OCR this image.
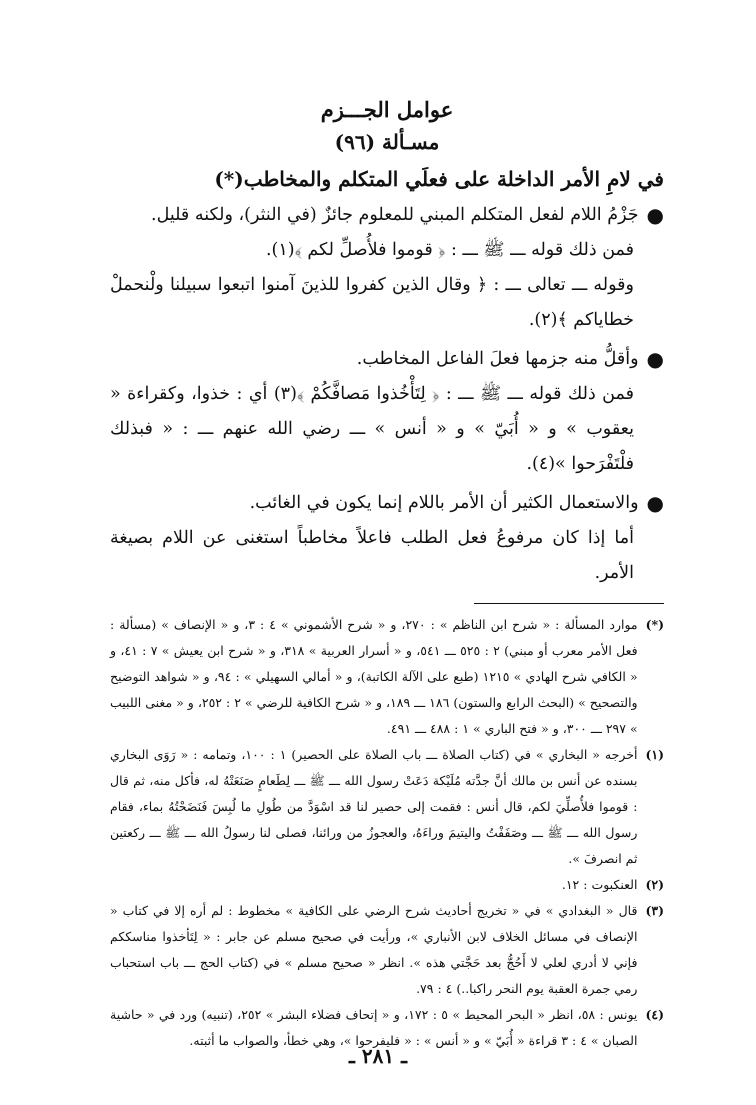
عوامل الجـــزم
مسـألة (٩٦)
في لامِ الأمر الداخلة على فعلَي المتكلم والمخاطب(*)
●
جَزْمُ اللام لفعل المتكلم المبني للمعلوم جائزٌ (في النثر)، ولكنه قليل.

فمن ذلك قوله ـــ ﷺ ـــ : ﴿ قوموا فلأُصلِّ لكم ﴾(١).

وقوله ـــ تعالى ـــ : ﴿ وقال الذين كفروا للذينَ آمنوا اتبعوا سبيلنا ولْنحملْ خطاياكم ﴾(٢).

●
وأقلُّ منه جزمها فعلَ الفاعل المخاطب.

فمن ذلك قوله ـــ ﷺ ـــ : ﴿ لِتَأْخُذوا مَصافَّكُمْ ﴾(٣) أي : خذوا، وكقراءة « يعقوب » و « أُبَيّ » و « أنس » ـــ رضي الله عنهم ـــ : « فبذلك فلْتَفْرَحوا »(٤).

●
والاستعمال الكثير أن الأمر باللام إنما يكون في الغائب.

أما إذا كان مرفوعُ فعل الطلب فاعلاً مخاطباً استغنى عن اللام بصيغة الأمر.

(*)
موارد المسألة : « شرح ابن الناظم » : ٢٧٠، و « شرح الأشموني » ٤ : ٣، و « الإنصاف » (مسألة : فعل الأمر معرب أو مبني) ٢ : ٥٢٥ ـــ ٥٤١، و « أسرار العربية » ٣١٨، و « شرح ابن يعيش » ٧ : ٤١، و « الكافي شرح الهادي » ١٢١٥ (طبع على الآلة الكاتبة)، و « أمالي السهيلي » : ٩٤، و « شواهد التوضيح والتصحيح » (البحث الرابع والستون) ١٨٦ ـــ ١٨٩، و « شرح الكافية للرضي » ٢ : ٢٥٢، و « مغنى اللبيب » ٢٩٧ ـــ ٣٠٠، و « فتح الباري » ١ : ٤٨٨ ـــ ٤٩١.
(١)
أخرجه « البخاري » في (كتاب الصلاة ـــ باب الصلاة على الحصير) ١ : ١٠٠، وتمامه : « رَوَى البخاري بسنده عن أنس بن مالك أنَّ جدَّته مُلَيْكة دَعَتْ رسول الله ـــ ﷺ ـــ لِطَعامٍ صَنَعَتْهُ له، فأكل منه، ثم قال : قوموا فلأُصلِّيَ لكم، قال أنس : فقمت إلى حصير لنا قد اسْوَدَّ من طُولِ ما لُبِسَ فَنَضَحْتُهُ بماء، فقام رسول الله ـــ ﷺ ـــ وصَفَفْتُ واليتيمَ وراءَهُ، والعجوزُ من ورائنا، فصلى لنا رسولُ الله ـــ ﷺ ـــ ركعتين ثم انصرفَ ».
(٢)
العنكبوت : ١٢.
(٣)
قال « البغدادي » في « تخريج أحاديث شرح الرضي على الكافية » مخطوط : لم أره إلا في كتاب « الإنصاف في مسائل الخلاف لابن الأنباري »، ورأيت في صحيح مسلم عن جابر : « لِتَأخذوا مناسككم فإني لا أدري لعلي لا أَحُجُّ بعد حَجَّتي هذه ». انظر « صحيح مسلم » في (كتاب الحج ـــ باب استحباب رمي جمرة العقبة يوم النحر راكبا..) ٤ : ٧٩.
(٤)
يونس : ٥٨، انظر « البحر المحيط » ٥ : ١٧٢، و « إتحاف فضلاء البشر » ٢٥٢، (تنبيه) ورد في « حاشية الصبان » ٤ : ٣ قراءة « أُبَيّ » و « أنس » : « فليفرحوا »، وهي خطأ، والصواب ما أثبته.
ـ ٢٨١ ـ
